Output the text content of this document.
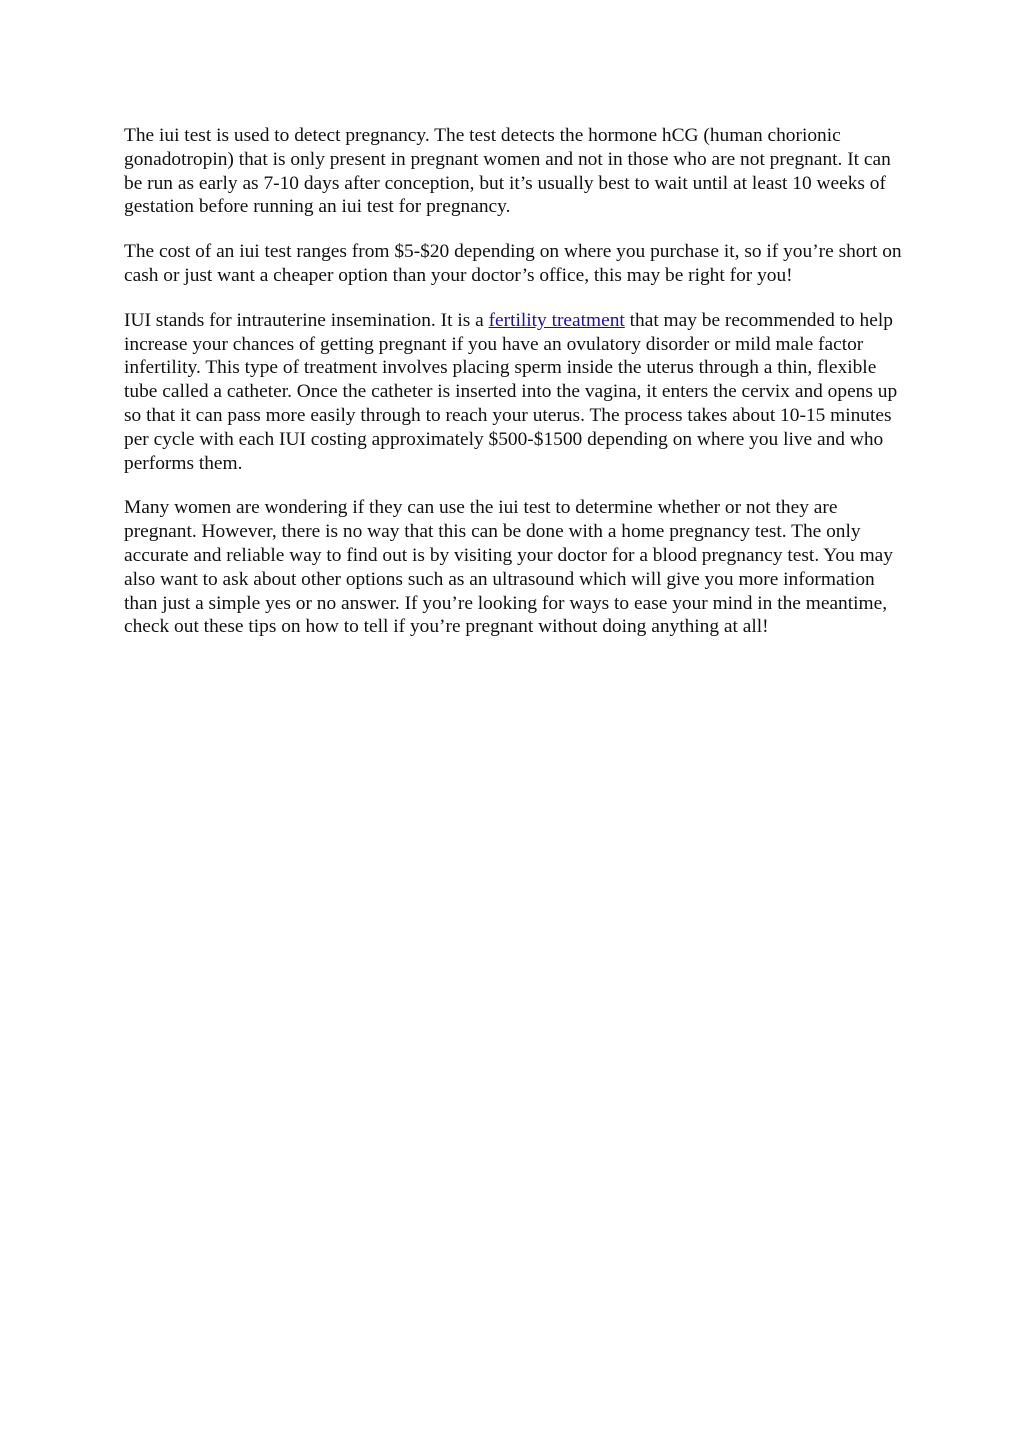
The iui test is used to detect pregnancy. The test detects the hormone hCG (human chorionic gonadotropin) that is only present in pregnant women and not in those who are not pregnant. It can be run as early as 7-10 days after conception, but it’s usually best to wait until at least 10 weeks of gestation before running an iui test for pregnancy.

The cost of an iui test ranges from $5-$20 depending on where you purchase it, so if you’re short on cash or just want a cheaper option than your doctor’s office, this may be right for you!

IUI stands for intrauterine insemination. It is a fertility treatment that may be recommended to help increase your chances of getting pregnant if you have an ovulatory disorder or mild male factor infertility. This type of treatment involves placing sperm inside the uterus through a thin, flexible tube called a catheter. Once the catheter is inserted into the vagina, it enters the cervix and opens up so that it can pass more easily through to reach your uterus. The process takes about 10-15 minutes per cycle with each IUI costing approximately $500-$1500 depending on where you live and who performs them.

Many women are wondering if they can use the iui test to determine whether or not they are pregnant. However, there is no way that this can be done with a home pregnancy test. The only accurate and reliable way to find out is by visiting your doctor for a blood pregnancy test. You may also want to ask about other options such as an ultrasound which will give you more information than just a simple yes or no answer. If you’re looking for ways to ease your mind in the meantime, check out these tips on how to tell if you’re pregnant without doing anything at all!
